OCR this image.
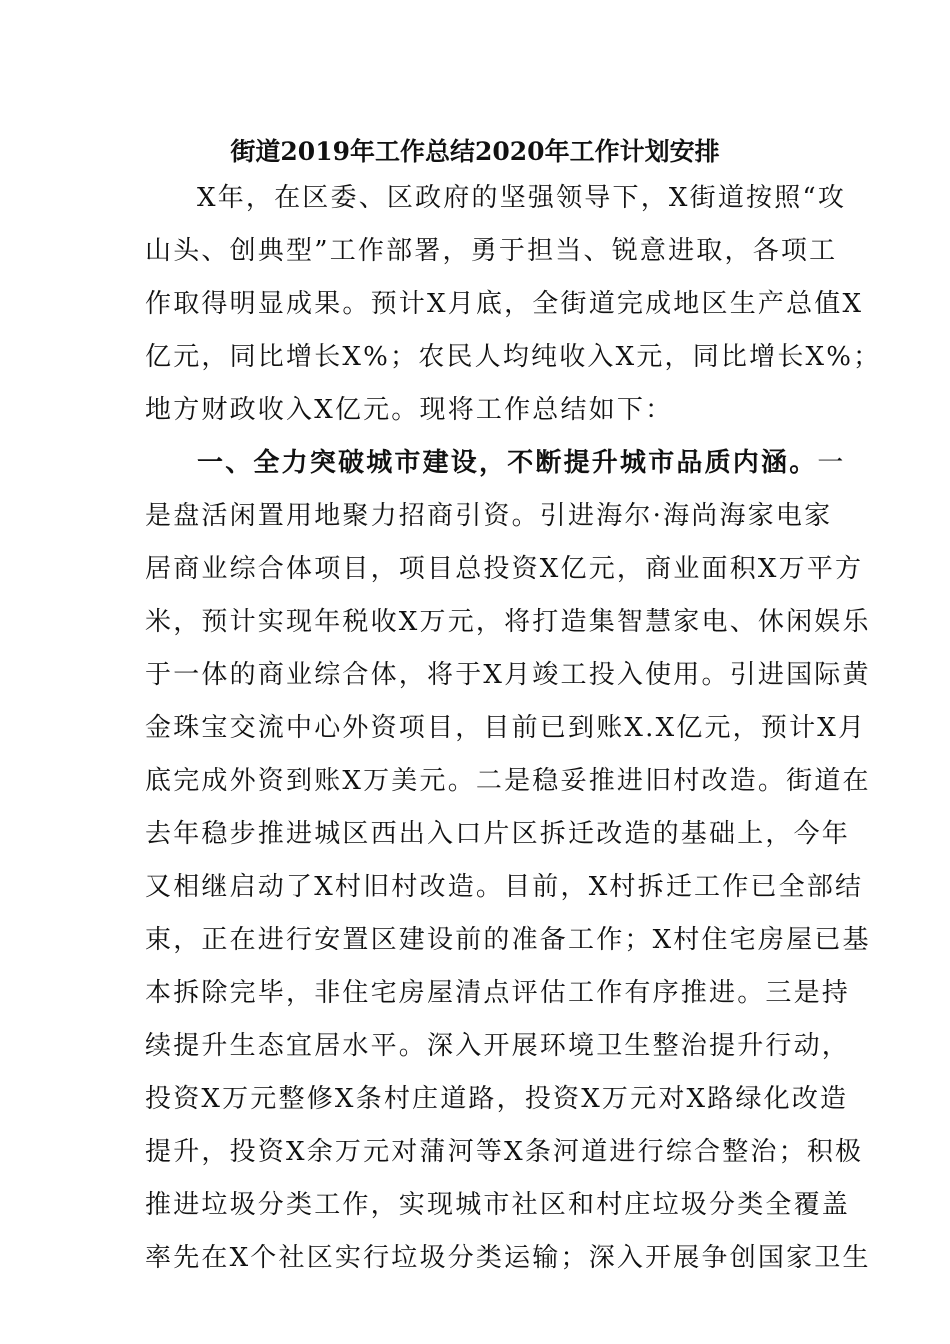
街道2019年工作总结2020年工作计划安排

X年，在区委、区政府的坚强领导下，X街道按照“攻

山头、创典型”工作部署，勇于担当、锐意进取，各项工

作取得明显成果。预计X月底，全街道完成地区生产总值X

亿元，同比增长X%；农民人均纯收入X元，同比增长X%；

地方财政收入X亿元。现将工作总结如下：

一、全力突破城市建设，不断提升城市品质内涵。一

是盘活闲置用地聚力招商引资。引进海尔·海尚海家电家

居商业综合体项目，项目总投资X亿元，商业面积X万平方

米，预计实现年税收X万元，将打造集智慧家电、休闲娱乐

于一体的商业综合体，将于X月竣工投入使用。引进国际黄

金珠宝交流中心外资项目，目前已到账X.X亿元，预计X月

底完成外资到账X万美元。二是稳妥推进旧村改造。街道在

去年稳步推进城区西出入口片区拆迁改造的基础上，今年

又相继启动了X村旧村改造。目前，X村拆迁工作已全部结

束，正在进行安置区建设前的准备工作；X村住宅房屋已基

本拆除完毕，非住宅房屋清点评估工作有序推进。三是持

续提升生态宜居水平。深入开展环境卫生整治提升行动，

投资X万元整修X条村庄道路，投资X万元对X路绿化改造

提升，投资X余万元对蒲河等X条河道进行综合整治；积极

推进垃圾分类工作，实现城市社区和村庄垃圾分类全覆盖

率先在X个社区实行垃圾分类运输；深入开展争创国家卫生
